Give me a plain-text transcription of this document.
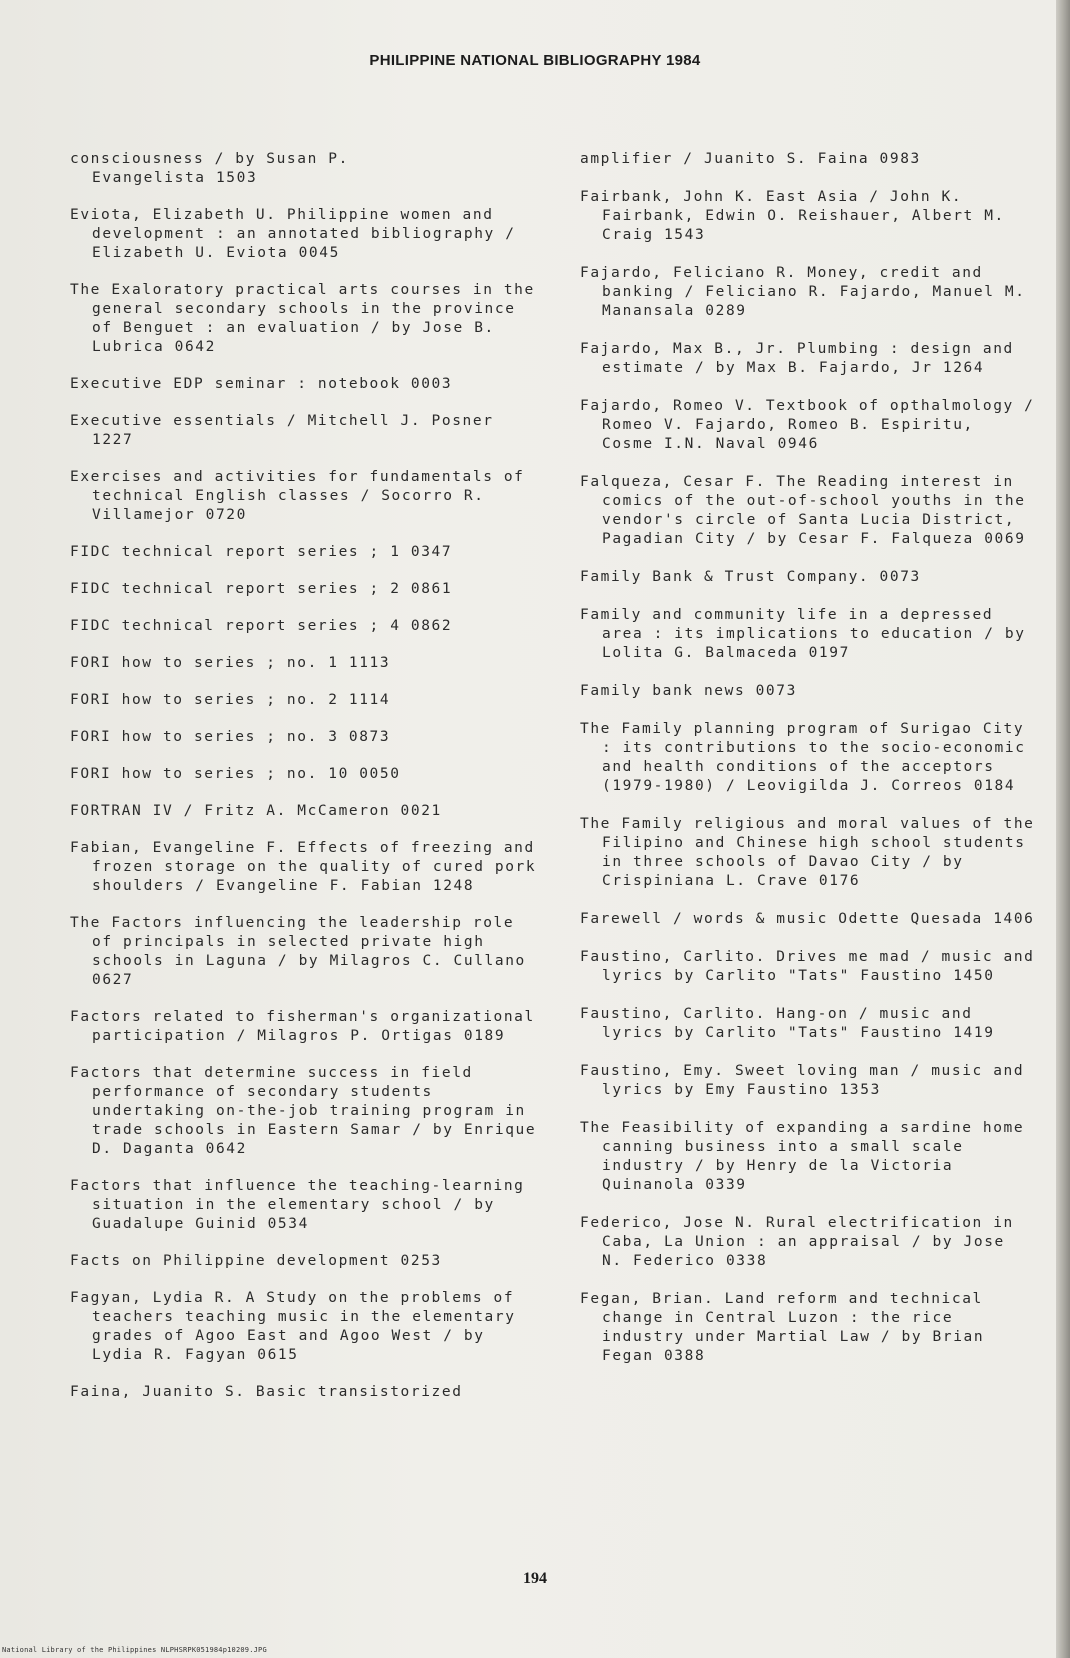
PHILIPPINE NATIONAL BIBLIOGRAPHY 1984
consciousness / by Susan P.
Evangelista 1503
Eviota, Elizabeth U. Philippine women and development : an annotated bibliography / Elizabeth U. Eviota 0045
The Exaloratory practical arts courses in the general secondary schools in the province of Benguet : an evaluation / by Jose B. Lubrica 0642
Executive EDP seminar : notebook 0003
Executive essentials / Mitchell J. Posner 1227
Exercises and activities for fundamentals of technical English classes / Socorro R. Villamejor 0720
FIDC technical report series ; 1 0347
FIDC technical report series ; 2 0861
FIDC technical report series ; 4 0862
FORI how to series ; no. 1 1113
FORI how to series ; no. 2 1114
FORI how to series ; no. 3 0873
FORI how to series ; no. 10 0050
FORTRAN IV / Fritz A. McCameron 0021
Fabian, Evangeline F. Effects of freezing and frozen storage on the quality of cured pork shoulders / Evangeline F. Fabian 1248
The Factors influencing the leadership role of principals in selected private high schools in Laguna / by Milagros C. Cullano 0627
Factors related to fisherman's organizational participation / Milagros P. Ortigas 0189
Factors that determine success in field performance of secondary students undertaking on-the-job training program in trade schools in Eastern Samar / by Enrique D. Daganta 0642
Factors that influence the teaching-learning situation in the elementary school / by Guadalupe Guinid 0534
Facts on Philippine development 0253
Fagyan, Lydia R. A Study on the problems of teachers teaching music in the elementary grades of Agoo East and Agoo West / by Lydia R. Fagyan 0615
Faina, Juanito S. Basic transistorized
amplifier / Juanito S. Faina 0983
Fairbank, John K. East Asia / John K. Fairbank, Edwin O. Reishauer, Albert M. Craig 1543
Fajardo, Feliciano R. Money, credit and banking / Feliciano R. Fajardo, Manuel M. Manansala 0289
Fajardo, Max B., Jr. Plumbing : design and estimate / by Max B. Fajardo, Jr 1264
Fajardo, Romeo V. Textbook of opthalmology / Romeo V. Fajardo, Romeo B. Espiritu, Cosme I.N. Naval 0946
Falqueza, Cesar F. The Reading interest in comics of the out-of-school youths in the vendor's circle of Santa Lucia District, Pagadian City / by Cesar F. Falqueza 0069
Family Bank & Trust Company. 0073
Family and community life in a depressed area : its implications to education / by Lolita G. Balmaceda 0197
Family bank news 0073
The Family planning program of Surigao City : its contributions to the socio-economic and health conditions of the acceptors (1979-1980) / Leovigilda J. Correos 0184
The Family religious and moral values of the Filipino and Chinese high school students in three schools of Davao City / by Crispiniana L. Crave 0176
Farewell / words & music Odette Quesada 1406
Faustino, Carlito. Drives me mad / music and lyrics by Carlito "Tats" Faustino 1450
Faustino, Carlito. Hang-on / music and lyrics by Carlito "Tats" Faustino 1419
Faustino, Emy. Sweet loving man / music and lyrics by Emy Faustino 1353
The Feasibility of expanding a sardine home canning business into a small scale industry / by Henry de la Victoria Quinanola 0339
Federico, Jose N. Rural electrification in Caba, La Union : an appraisal / by Jose N. Federico 0338
Fegan, Brian. Land reform and technical change in Central Luzon : the rice industry under Martial Law / by Brian Fegan 0388
194
National Library of the Philippines NLPHSRPK051984p10209.JPG
